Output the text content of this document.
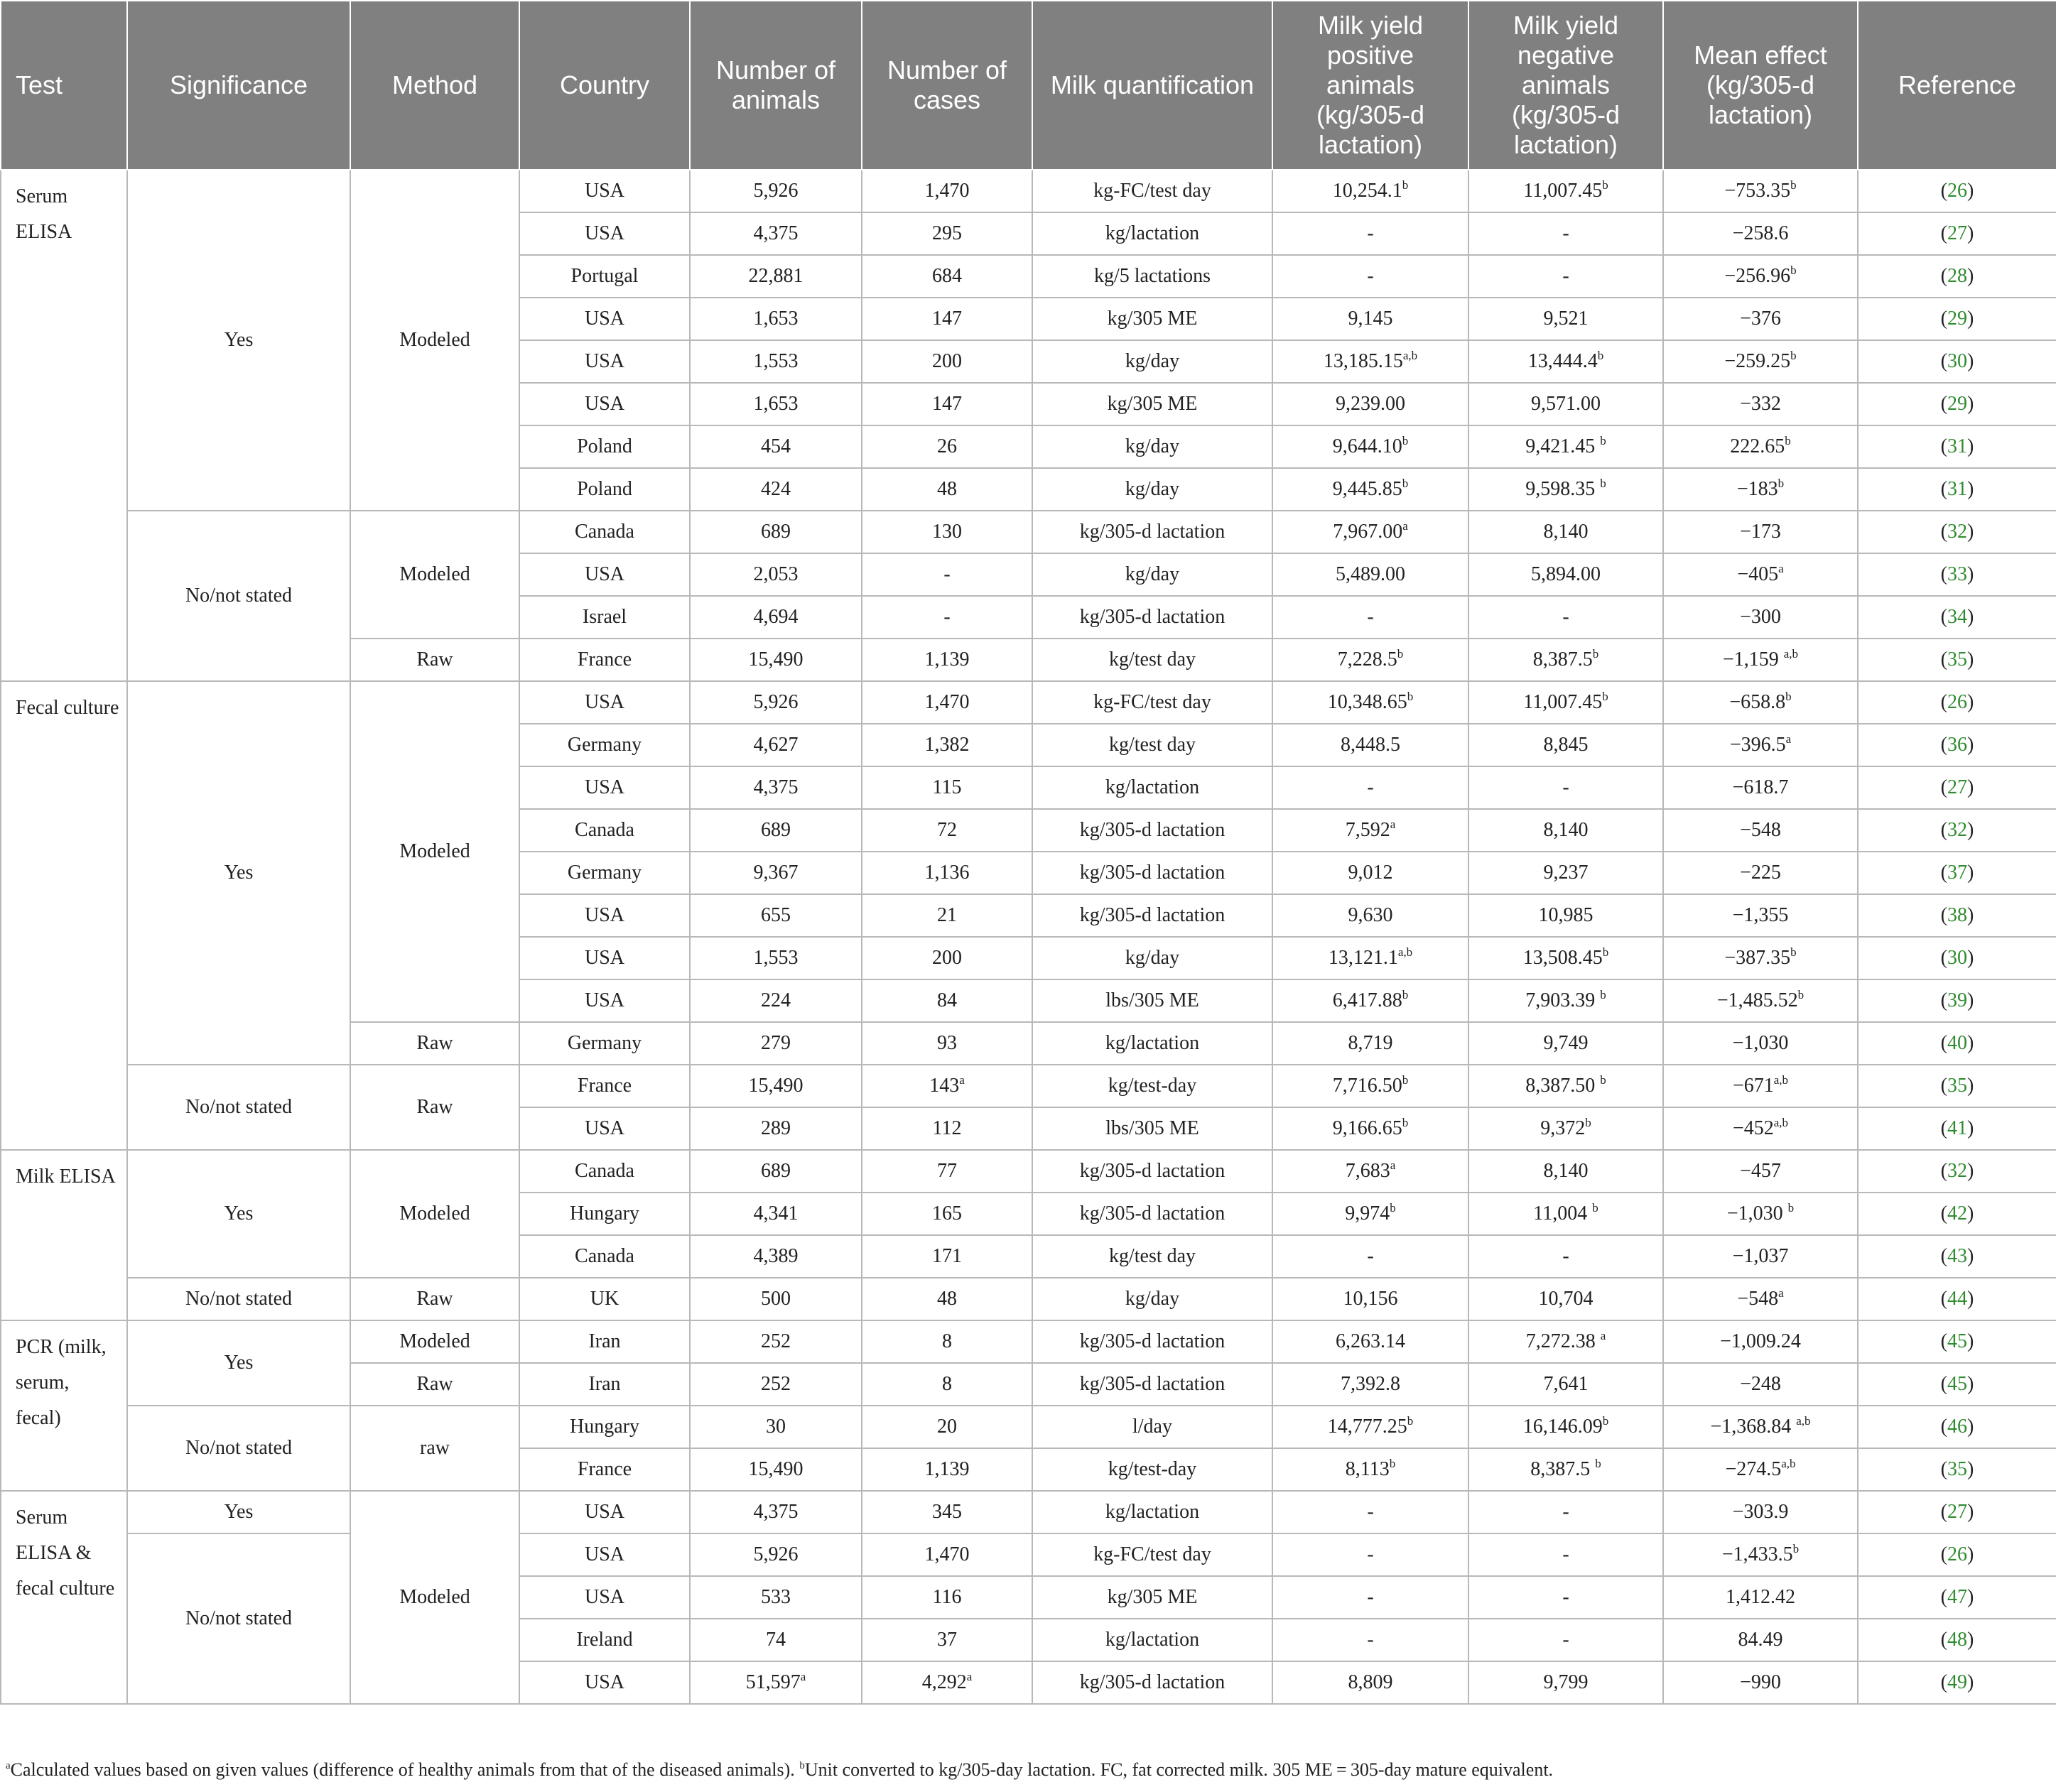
Test	Significance	Method	Country	Number of animals	Number of cases	Milk quantification	Milk yield positive animals (kg/305-d lactation)	Milk yield negative animals (kg/305-d lactation)	Mean effect (kg/305-d lactation)	Reference
Serum ELISA	Yes	Modeled	USA	5,926	1,470	kg-FC/test day	10,254.1$^b$	11,007.45$^b$	−753.35$^b$	(26)
			USA	4,375	295	kg/lactation	-	-	−258.6	(27)
			Portugal	22,881	684	kg/5 lactations	-	-	−256.96$^b$	(28)
			USA	1,653	147	kg/305 ME	9,145	9,521	−376	(29)
			USA	1,553	200	kg/day	13,185.15$^{a,b}$	13,444.4$^b$	−259.25$^b$	(30)
			USA	1,653	147	kg/305 ME	9,239.00	9,571.00	−332	(29)
			Poland	454	26	kg/day	9,644.10$^b$	9,421.45 $^b$	222.65$^b$	(31)
			Poland	424	48	kg/day	9,445.85$^b$	9,598.35 $^b$	$-183^b$	(31)
	No/not stated	Modeled	Canada	689	130	kg/305-d lactation	7,967.00$^a$	8,140	−173	(32)
			USA	2,053	-	kg/day	5,489.00	5,894.00	$-405^a$	(33)
			Israel	4,694	-	kg/305-d lactation	-	-	−300	(34)
		Raw	France	15,490	1,139	kg/test day	7,228.5$^b$	8,387.5$^b$	−1,159 $^{a,b}$	(35)
Fecal culture	Yes	Modeled	USA	5,926	1,470	kg-FC/test day	10,348.65$^b$	11,007.45$^b$	−658.8$^b$	(26)
			Germany	4,627	1,382	kg/test day	8,448.5	8,845	−396.5$^a$	(36)
			USA	4,375	115	kg/lactation	-	-	−618.7	(27)
			Canada	689	72	kg/305-d lactation	7,592$^a$	8,140	−548	(32)
			Germany	9,367	1,136	kg/305-d lactation	9,012	9,237	−225	(37)
			USA	655	21	kg/305-d lactation	9,630	10,985	−1,355	(38)
			USA	1,553	200	kg/day	13,121.1$^{a,b}$	13,508.45$^b$	−387.35$^b$	(30)
			USA	224	84	lbs/305 ME	6,417.88$^b$	7,903.39 $^b$	−1,485.52$^b$	(39)
		Raw	Germany	279	93	kg/lactation	8,719	9,749	−1,030	(40)
	No/not stated	Raw	France	15,490	143$^a$	kg/test-day	7,716.50$^b$	8,387.50 $^b$	$-671^{a,b}$	(35)
			USA	289	112	lbs/305 ME	9,166.65$^b$	9,372$^b$	$-452^{a,b}$	(41)
Milk ELISA	Yes	Modeled	Canada	689	77	kg/305-d lactation	7,683$^a$	8,140	−457	(32)
			Hungary	4,341	165	kg/305-d lactation	9,974$^b$	11,004 $^b$	−1,030 $^b$	(42)
			Canada	4,389	171	kg/test day	-	-	−1,037	(43)
	No/not stated	Raw	UK	500	48	kg/day	10,156	10,704	$-548^a$	(44)
PCR (milk, serum, fecal)	Yes	Modeled	Iran	252	8	kg/305-d lactation	6,263.14	7,272.38 $^a$	−1,009.24	(45)
		Raw	Iran	252	8	kg/305-d lactation	7,392.8	7,641	−248	(45)
	No/not stated	raw	Hungary	30	20	l/day	14,777.25$^b$	16,146.09$^b$	−1,368.84 $^{a,b}$	(46)
			France	15,490	1,139	kg/test-day	8,113$^b$	8,387.5 $^b$	$-274.5^{a,b}$	(35)
Serum ELISA & fecal culture	Yes	Modeled	USA	4,375	345	kg/lactation	-	-	−303.9	(27)
	No/not stated		USA	5,926	1,470	kg-FC/test day	-	-	−1,433.5$^b$	(26)
			USA	533	116	kg/305 ME	-	-	1,412.42	(47)
			Ireland	74	37	kg/lactation	-	-	84.49	(48)
			USA	51,597$^a$	4,292$^a$	kg/305-d lactation	8,809	9,799	−990	(49)
$^a$Calculated values based on given values (difference of healthy animals from that of the diseased animals). $^b$Unit converted to kg/305-day lactation. FC, fat corrected milk. 305 ME = 305-day mature equivalent.
